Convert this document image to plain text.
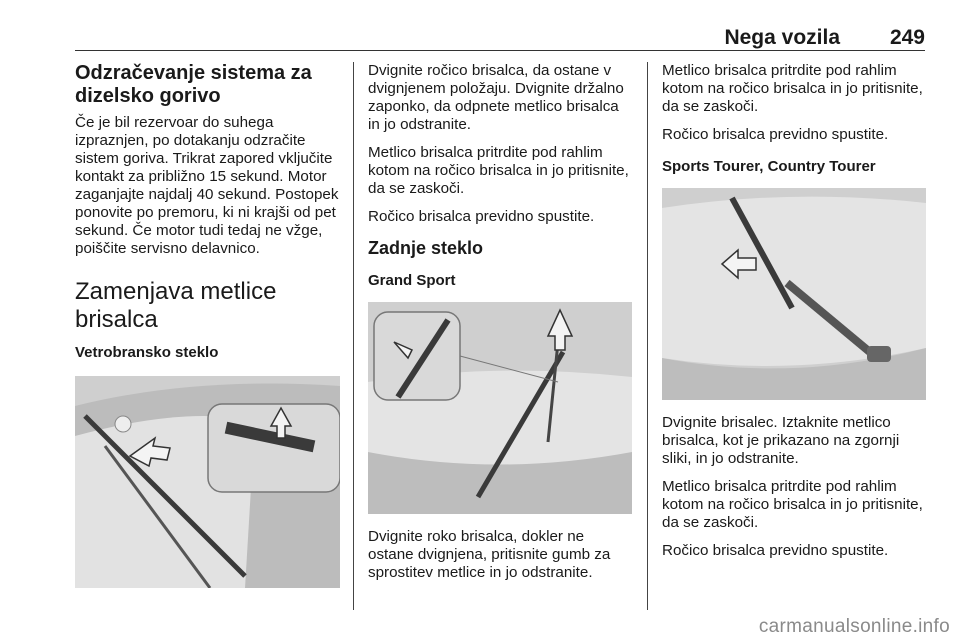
Nega vozila 249
Odzračevanje sistema za dizelsko gorivo

Če je bil rezervoar do suhega izpraznjen, po dotakanju odzračite sistem goriva. Trikrat zapored vključite kontakt za približno 15 sekund. Motor zaganjajte najdalj 40 sekund. Postopek ponovite po premoru, ki ni krajši od pet sekund. Če motor tudi tedaj ne vžge, poiščite servisno delavnico.

Zamenjava metlice brisalca
Vetrobransko steklo

Dvignite ročico brisalca, da ostane v dvignjenem položaju. Dvignite držalno zaponko, da odpnete metlico brisalca in jo odstranite.

Metlico brisalca pritrdite pod rahlim kotom na ročico brisalca in jo pritisnite, da se zaskoči.

Ročico brisalca previdno spustite.

Zadnje steklo
Grand Sport

Dvignite roko brisalca, dokler ne ostane dvignjena, pritisnite gumb za sprostitev metlice in jo odstranite.

Metlico brisalca pritrdite pod rahlim kotom na ročico brisalca in jo pritisnite, da se zaskoči.

Ročico brisalca previdno spustite.

Sports Tourer, Country Tourer

Dvignite brisalec. Iztaknite metlico brisalca, kot je prikazano na zgornji sliki, in jo odstranite.

Metlico brisalca pritrdite pod rahlim kotom na ročico brisalca in jo pritisnite, da se zaskoči.

Ročico brisalca previdno spustite.

carmanualsonline.info
